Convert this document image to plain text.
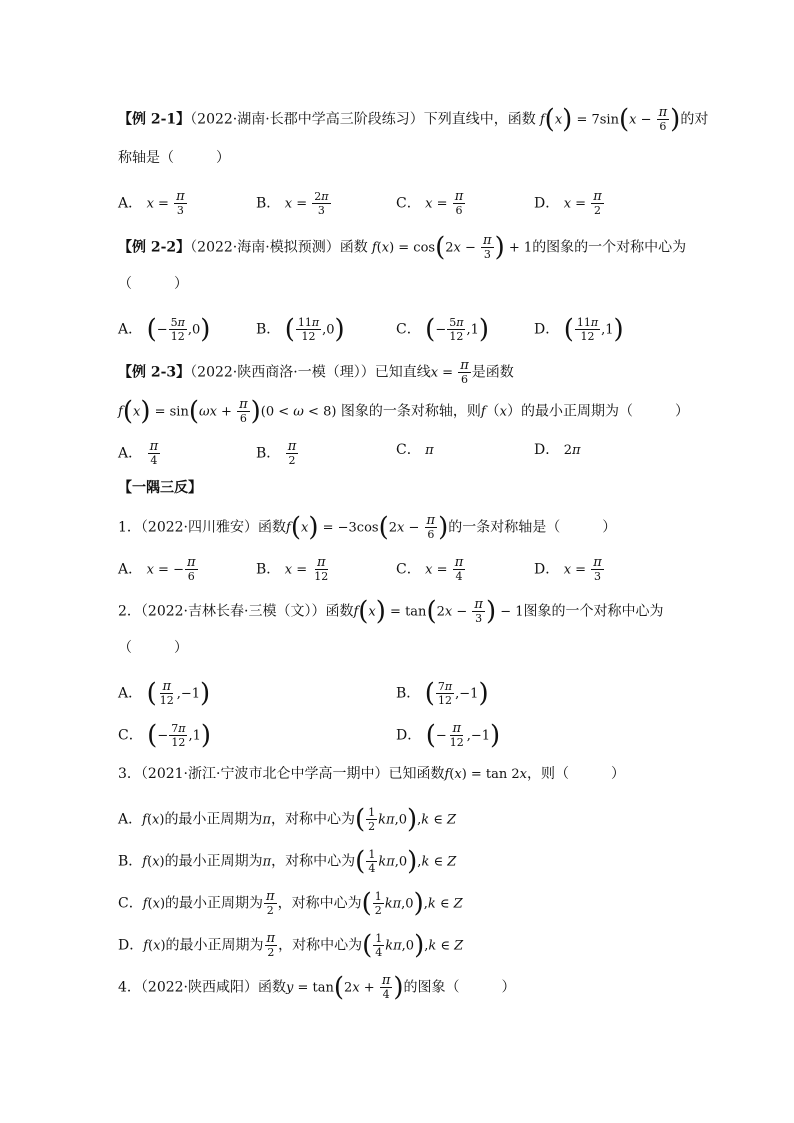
【例 2-1】（2022·湖南·长郡中学高三阶段练习）下列直线中，函数 $f(x) = 7\sin(x - \frac{\pi}{6}$ )的对
称轴是（　　　）
A． $x = \frac{\pi}{3}$	B． $x = \frac{2\pi}{3}$	C． $x = \frac{\pi}{6}$	D． $x = \frac{\pi}{2}$
【例 2-2】（2022·海南·模拟预测）函数 $f(x) = \cos(2x - \frac{\pi}{3}$ ) + 1的图象的一个对称中心为
（　　　）
A． (− $\frac{5\pi}{12} ,0$)	B． ( $\frac{11\pi}{12} ,0$)	C． (− $\frac{5\pi}{12} ,1$)	D． ( $\frac{11\pi}{12} ,1$)
【例 2-3】（2022·陕西商洛·一模（理））已知直线$x = \frac{\pi}{6}$ 是函数
$f(x) = \sin(\omega x + \frac{\pi}{6} )(0 < \omega < 8)$ 图象的一条对称轴，则f（x）的最小正周期为（　　　）
A． $\frac{\pi}{4}$	B． $\frac{\pi}{2}$	C． π	D． 2π
【一隅三反】
1．（2022·四川雅安）函数$f(x) = -3\cos(2x - \frac{\pi}{6}$ )的一条对称轴是（　　　）
A． x = − $\frac{\pi}{6}$	B． $x = \frac{\pi}{12}$	C． $x = \frac{\pi}{4}$	D． $x = \frac{\pi}{3}$
2．（2022·吉林长春·三模（文））函数$f(x) = \tan(2x - \frac{\pi}{3}$ ) − 1图象的一个对称中心为
（　　　）
A． ( $\frac{\pi}{12} ,-1$)	B． ( $\frac{7\pi}{12} ,-1$)
C． (− $\frac{7\pi}{12} ,1$)	D． (− $\frac{\pi}{12} ,-1$)
3．（2021·浙江·宁波市北仑中学高一期中）已知函数f(x) = tan 2x，则（　　　）
A．f(x)的最小正周期为π，对称中心为( $\frac{1}{2} k\pi,0),k$ ∈ Z
B．f(x)的最小正周期为π，对称中心为( $\frac{1}{4} k\pi,0),k$ ∈ Z
C．f(x)的最小正周期为 $\frac{\pi}{2}$ ，对称中心为( $\frac{1}{2} k\pi,0),k$ ∈ Z
D．f(x)的最小正周期为 $\frac{\pi}{2}$ ，对称中心为( $\frac{1}{4} k\pi,0),k$ ∈ Z
4．（2022·陕西咸阳）函数$y = \tan(2x + \frac{\pi}{4}$ )的图象（　　　）
